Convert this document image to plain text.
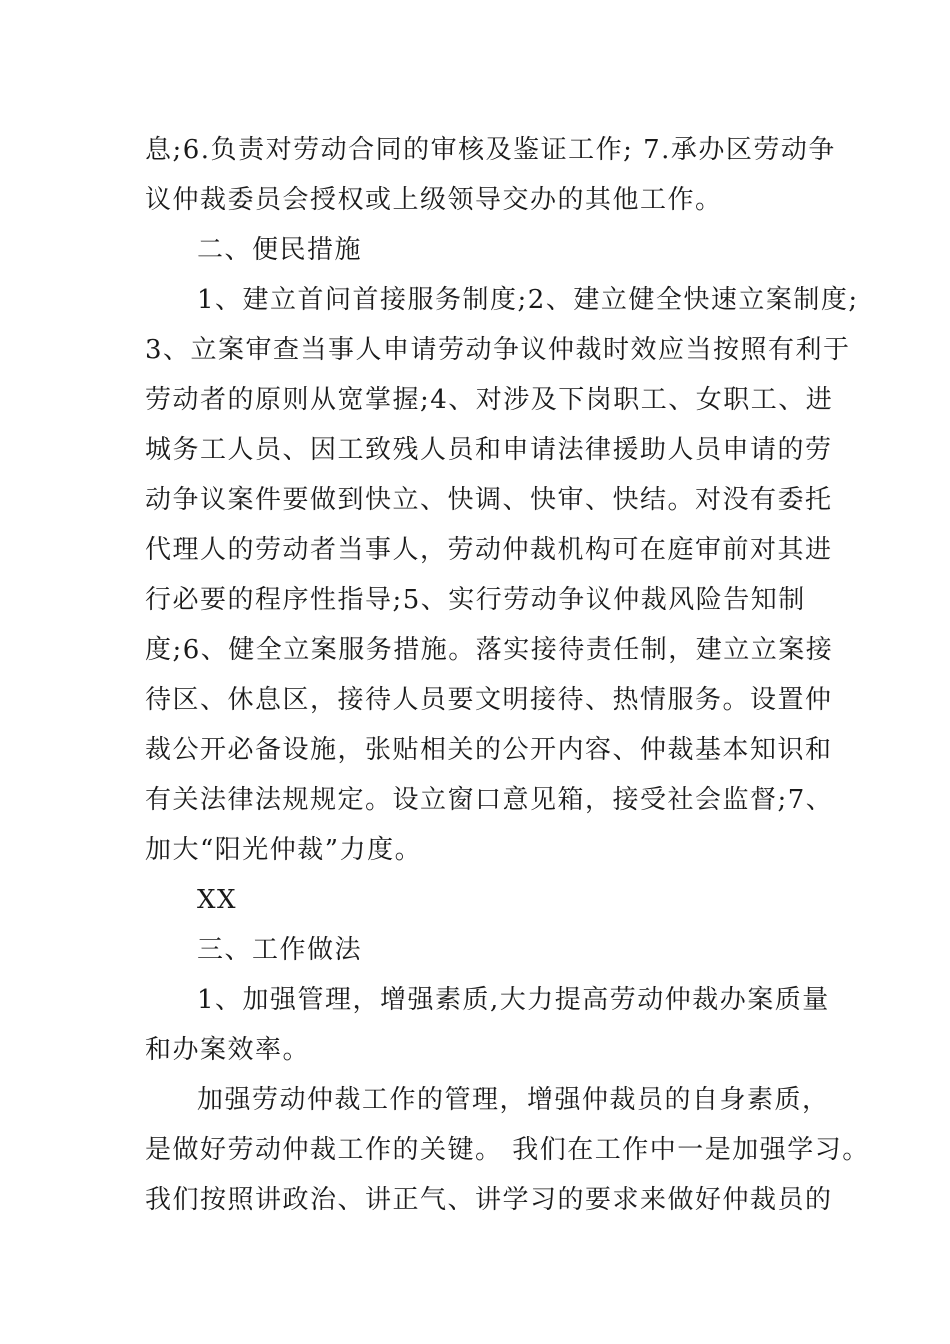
息;6.负责对劳动合同的审核及鉴证工作; 7.承办区劳动争
议仲裁委员会授权或上级领导交办的其他工作。
二、便民措施
1、建立首问首接服务制度;2、建立健全快速立案制度;
3、立案审查当事人申请劳动争议仲裁时效应当按照有利于
劳动者的原则从宽掌握;4、对涉及下岗职工、女职工、进
城务工人员、因工致残人员和申请法律援助人员申请的劳
动争议案件要做到快立、快调、快审、快结。对没有委托
代理人的劳动者当事人，劳动仲裁机构可在庭审前对其进
行必要的程序性指导;5、实行劳动争议仲裁风险告知制
度;6、健全立案服务措施。落实接待责任制，建立立案接
待区、休息区，接待人员要文明接待、热情服务。设置仲
裁公开必备设施，张贴相关的公开内容、仲裁基本知识和
有关法律法规规定。设立窗口意见箱，接受社会监督;7、
加大“阳光仲裁”力度。
XX
三、工作做法
1、加强管理，增强素质,大力提高劳动仲裁办案质量
和办案效率。
加强劳动仲裁工作的管理，增强仲裁员的自身素质，
是做好劳动仲裁工作的关键。 我们在工作中一是加强学习。
我们按照讲政治、讲正气、讲学习的要求来做好仲裁员的
